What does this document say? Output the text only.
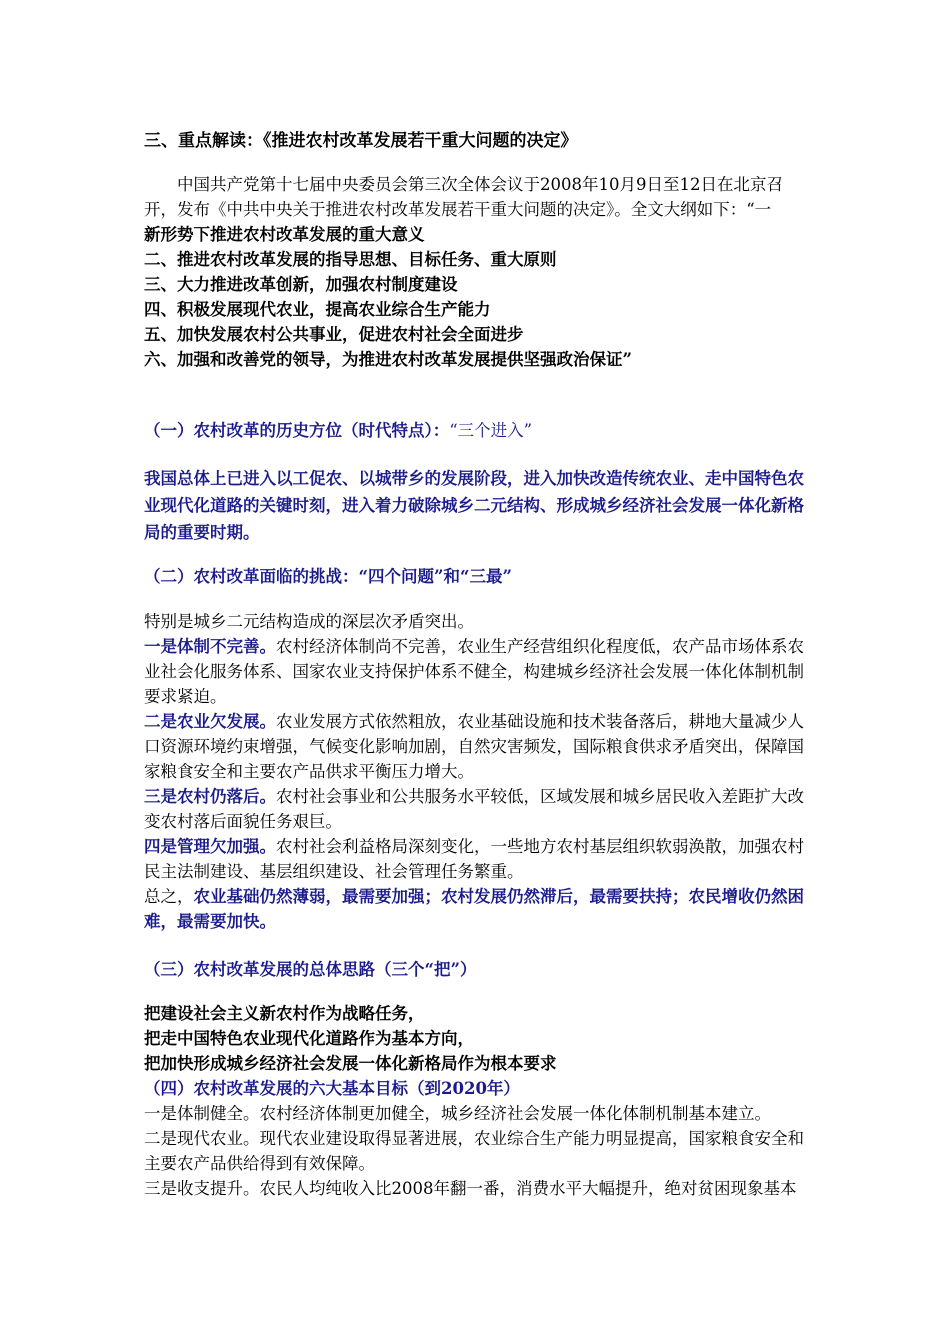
三、重点解读：《推进农村改革发展若干重大问题的决定》

中国共产党第十七届中央委员会第三次全体会议于2008年10月9日至12日在北京召开，发布《中共中央关于推进农村改革发展若干重大问题的决定》。全文大纲如下：“一

新形势下推进农村改革发展的重大意义

二、推进农村改革发展的指导思想、目标任务、重大原则

三、大力推进改革创新，加强农村制度建设

四、积极发展现代农业，提高农业综合生产能力

五、加快发展农村公共事业，促进农村社会全面进步

六、加强和改善党的领导，为推进农村改革发展提供坚强政治保证”

（一）农村改革的历史方位（时代特点）：“三个进入”

我国总体上已进入以工促农、以城带乡的发展阶段，进入加快改造传统农业、走中国特色农业现代化道路的关键时刻，进入着力破除城乡二元结构、形成城乡经济社会发展一体化新格局的重要时期。

（二）农村改革面临的挑战：“四个问题”和“三最”

特别是城乡二元结构造成的深层次矛盾突出。

一是体制不完善。农村经济体制尚不完善，农业生产经营组织化程度低，农产品市场体系农业社会化服务体系、国家农业支持保护体系不健全，构建城乡经济社会发展一体化体制机制要求紧迫。

二是农业欠发展。农业发展方式依然粗放，农业基础设施和技术装备落后，耕地大量减少人口资源环境约束增强，气候变化影响加剧，自然灾害频发，国际粮食供求矛盾突出，保障国家粮食安全和主要农产品供求平衡压力增大。

三是农村仍落后。农村社会事业和公共服务水平较低，区域发展和城乡居民收入差距扩大改变农村落后面貌任务艰巨。

四是管理欠加强。农村社会利益格局深刻变化，一些地方农村基层组织软弱涣散，加强农村民主法制建设、基层组织建设、社会管理任务繁重。

总之，农业基础仍然薄弱，最需要加强；农村发展仍然滞后，最需要扶持；农民增收仍然困难，最需要加快。

（三）农村改革发展的总体思路（三个“把”）

把建设社会主义新农村作为战略任务，

把走中国特色农业现代化道路作为基本方向，

把加快形成城乡经济社会发展一体化新格局作为根本要求

（四）农村改革发展的六大基本目标（到2020年）

一是体制健全。农村经济体制更加健全，城乡经济社会发展一体化体制机制基本建立。

二是现代农业。现代农业建设取得显著进展，农业综合生产能力明显提高，国家粮食安全和主要农产品供给得到有效保障。

三是收支提升。农民人均纯收入比2008年翻一番，消费水平大幅提升，绝对贫困现象基本
